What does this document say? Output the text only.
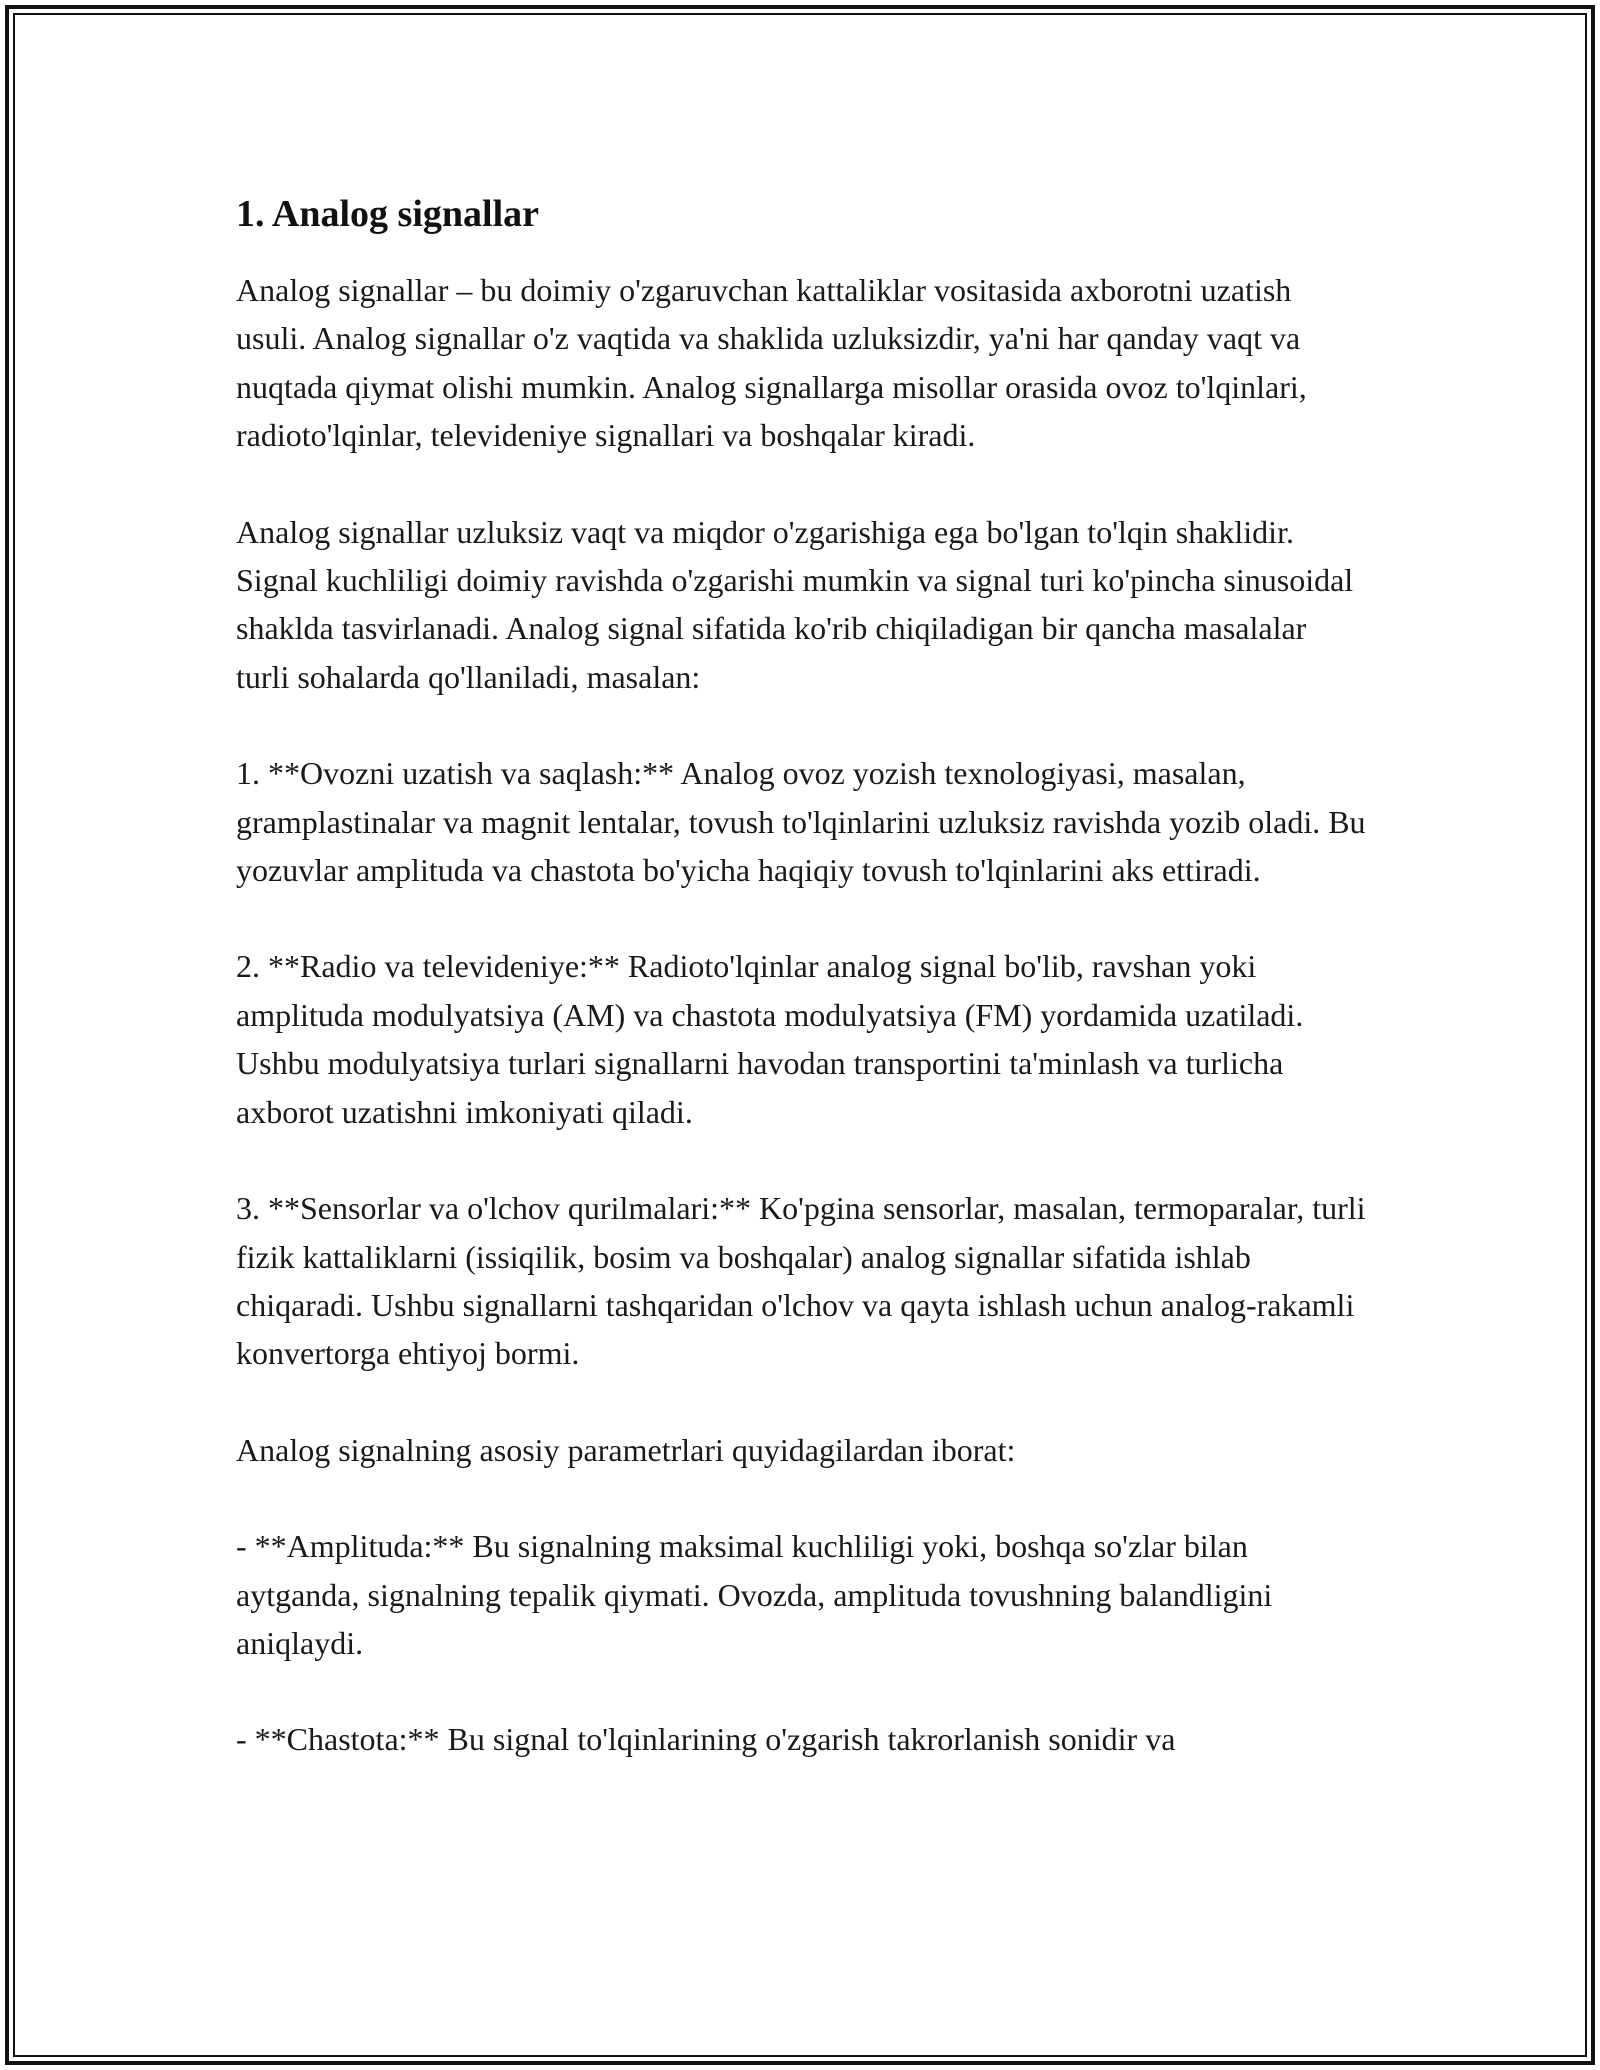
1. Analog signallar

Analog signallar – bu doimiy o'zgaruvchan kattaliklar vositasida axborotni uzatish usuli. Analog signallar o'z vaqtida va shaklida uzluksizdir, ya'ni har qanday vaqt va nuqtada qiymat olishi mumkin. Analog signallarga misollar orasida ovoz to'lqinlari, radioto'lqinlar, televideniye signallari va boshqalar kiradi.

Analog signallar uzluksiz vaqt va miqdor o'zgarishiga ega bo'lgan to'lqin shaklidir. Signal kuchliligi doimiy ravishda o'zgarishi mumkin va signal turi ko'pincha sinusoidal shaklda tasvirlanadi. Analog signal sifatida ko'rib chiqiladigan bir qancha masalalar turli sohalarda qo'llaniladi, masalan:

1. **Ovozni uzatish va saqlash:** Analog ovoz yozish texnologiyasi, masalan, gramplastinalar va magnit lentalar, tovush to'lqinlarini uzluksiz ravishda yozib oladi. Bu yozuvlar amplituda va chastota bo'yicha haqiqiy tovush to'lqinlarini aks ettiradi.

2. **Radio va televideniye:** Radioto'lqinlar analog signal bo'lib, ravshan yoki amplituda modulyatsiya (AM) va chastota modulyatsiya (FM) yordamida uzatiladi. Ushbu modulyatsiya turlari signallarni havodan transportini ta'minlash va turlicha axborot uzatishni imkoniyati qiladi.

3. **Sensorlar va o'lchov qurilmalari:** Ko'pgina sensorlar, masalan, termoparalar, turli fizik kattaliklarni (issiqilik, bosim va boshqalar) analog signallar sifatida ishlab chiqaradi. Ushbu signallarni tashqaridan o'lchov va qayta ishlash uchun analog-rakamli konvertorga ehtiyoj bormi.

Analog signalning asosiy parametrlari quyidagilardan iborat:

- **Amplituda:** Bu signalning maksimal kuchliligi yoki, boshqa so'zlar bilan aytganda, signalning tepalik qiymati. Ovozda, amplituda tovushning balandligini aniqlaydi.

- **Chastota:** Bu signal to'lqinlarining o'zgarish takrorlanish sonidir va
